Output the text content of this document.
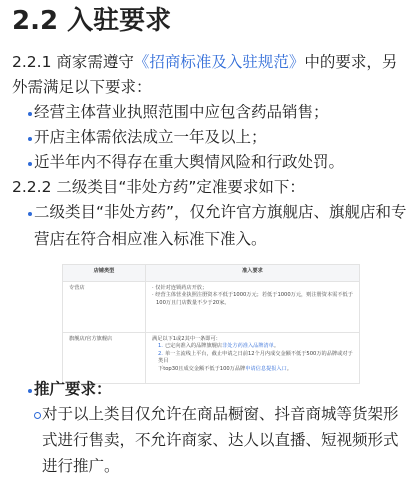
2.2 入驻要求
2.2.1 商家需遵守《招商标准及入驻规范》中的要求，另
外需满足以下要求：
经营主体营业执照范围中应包含药品销售；
开店主体需依法成立一年及以上；
近半年内不得存在重大舆情风险和行政处罚。
2.2.2 二级类目“非处方药”定准要求如下：
二级类目“非处方药”，仅允许官方旗舰店、旗舰店和专
营店在符合相应准入标准下准入。
店铺类型	准入要求
专营店	· 仅针对连锁药店开放；
· 经营主体营业执照注册资本不低于1000万元；若低于1000万元，则注册资本需不低于
100万且门店数量不少于20家。

旗舰店/官方旗舰店	满足以下1或2其中一条即可：
1. 已定向准入的品牌旗舰店非处方药准入品牌清单。
2. 单一主流线上平台，截止申请之日前12个月内成交金额不低于500万的品牌或对于类目
下top30且成交金额不低于100万品牌申请信息提报入口。
推广要求：
对于以上类目仅允许在商品橱窗、抖音商城等货架形
式进行售卖，不允许商家、达人以直播、短视频形式
进行推广。
